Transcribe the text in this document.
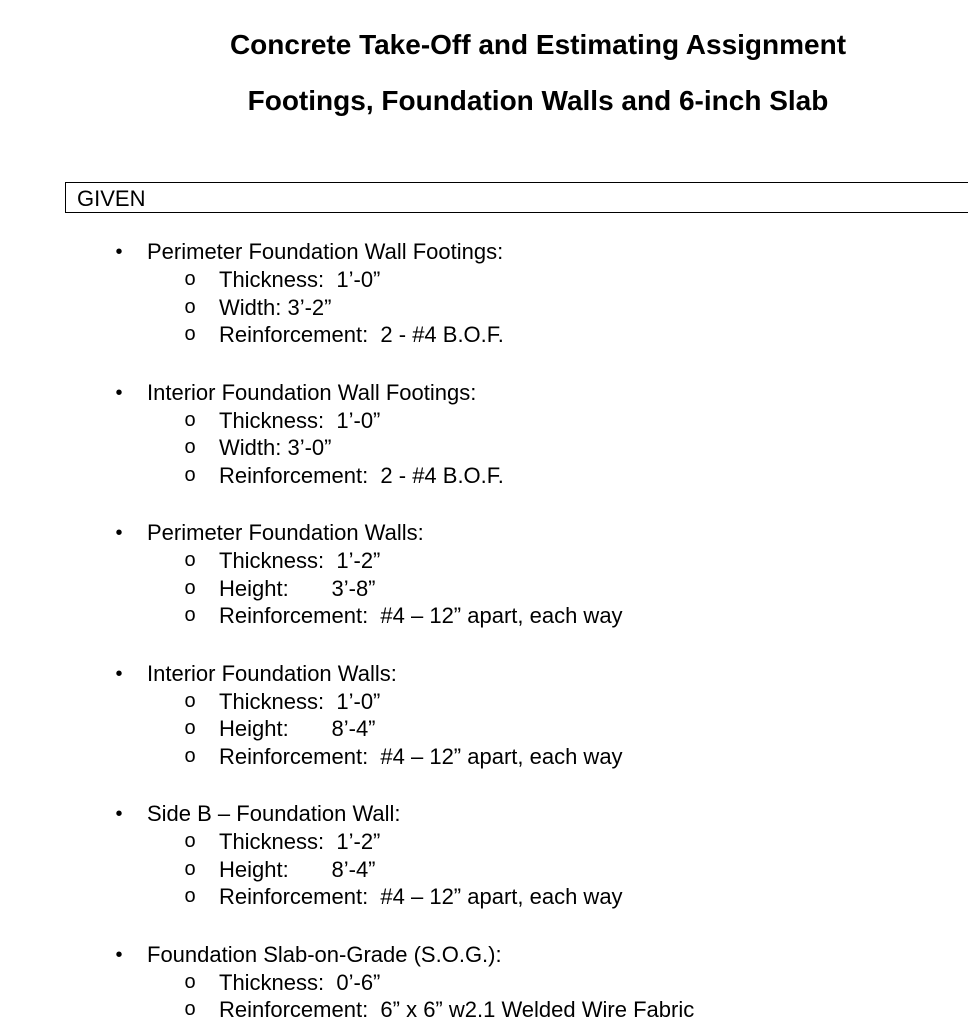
Concrete Take-Off and Estimating Assignment
Footings, Foundation Walls and 6-inch Slab
GIVEN
• Perimeter Foundation Wall Footings:
o Thickness:  1’-0”
o Width: 3’-2”
o Reinforcement:  2 - #4 B.O.F.
• Interior Foundation Wall Footings:
o Thickness:  1’-0”
o Width: 3’-0”
o Reinforcement:  2 - #4 B.O.F.
• Perimeter Foundation Walls:
o Thickness:  1’-2”
o Height:       3’-8”
o Reinforcement:  #4 – 12” apart, each way
• Interior Foundation Walls:
o Thickness:  1’-0”
o Height:       8’-4”
o Reinforcement:  #4 – 12” apart, each way
• Side B – Foundation Wall:
o Thickness:  1’-2”
o Height:       8’-4”
o Reinforcement:  #4 – 12” apart, each way
• Foundation Slab-on-Grade (S.O.G.):
o Thickness:  0’-6”
o Reinforcement:  6” x 6” w2.1 Welded Wire Fabric
